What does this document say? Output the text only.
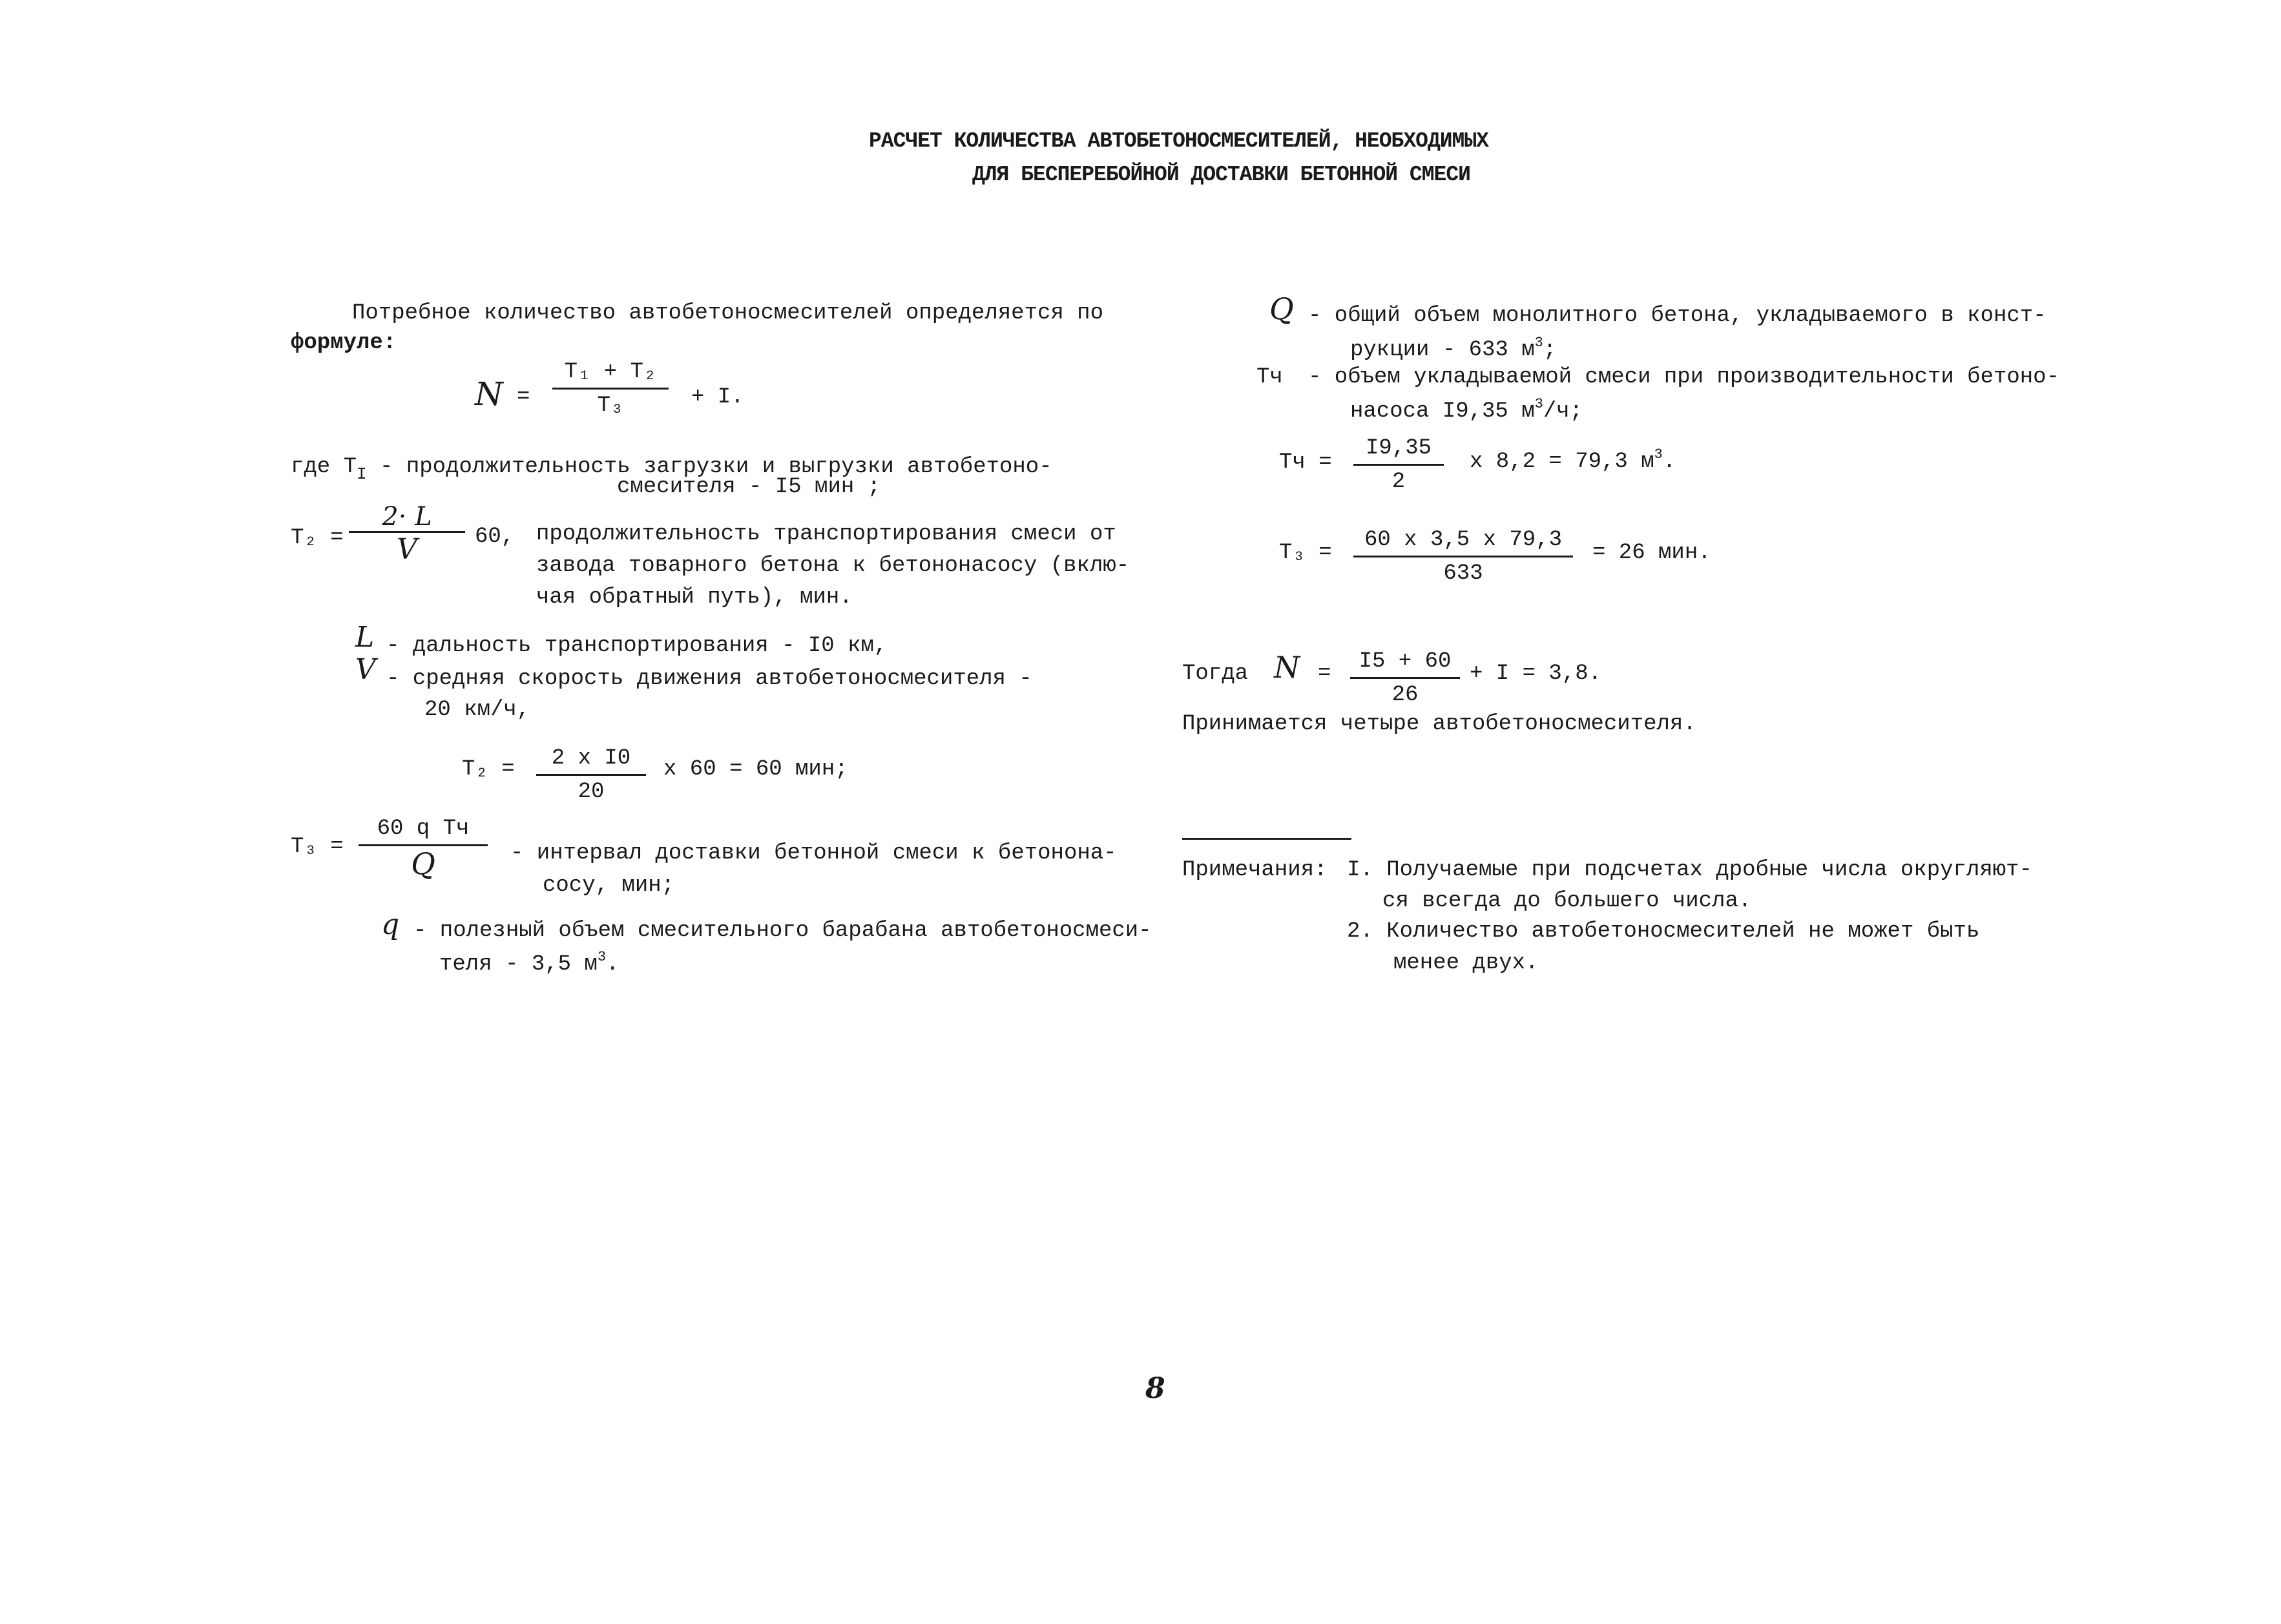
РАСЧЕТ КОЛИЧЕСТВА АВТОБЕТОНОСМЕСИТЕЛЕЙ, НЕОБХОДИМЫХ
ДЛЯ БЕСПЕРЕБОЙНОЙ ДОСТАВКИ БЕТОННОЙ СМЕСИ
Потребное количество автобетоносмесителей определяется по
формуле:
$N = \frac{\text{T₁ + T₂}}{\text{T₃}} + I$.
где $T_I$ - продолжительность загрузки и выгрузки автобетоно-
смесителя - I5 мин ;
$T_2 = \frac{2\cdot L}{V} 60$, продолжительность транспортирования смеси от
завода товарного бетона к бетононасосу (вклю-
чая обратный путь), мин.
L - дальность транспортирования - I0 км,
V - средняя скорость движения автобетоносмесителя -
20 км/ч,
$T_2 = \frac{\text{2 x I0}}{20}$ x 60 = 60 мин;
T₃ =
60 q Tч
Q	- интервал доставки бетонной смеси к бетонона-
сосу, мин;
q - полезный объем смесительного барабана автобетоносмеси-
теля - 3,5 $м^3$.
Q - общий объем монолитного бетона, укладываемого в конст-
рукции - 633 $м^3$;
Tч - объем укладываемой смеси при производительности бетоно-
насоса I9,35 $м^3/ч$;
Tч = $\frac{I9,35}{2}$ x 8,2 = 79,3 $м^3$.
$T_3 = \frac{60 x 3,5 x 79,3}{633} = 26$ мин.
Тогда $N = \frac{I5 + 60}{26} + I = 3,8$.
Принимается четыре автобетоносмесителя.
Примечания: I. Получаемые при подсчетах дробные числа округляют-
ся всегда до большего числа.
2. Количество автобетоносмесителей не может быть
менее двух.
8
